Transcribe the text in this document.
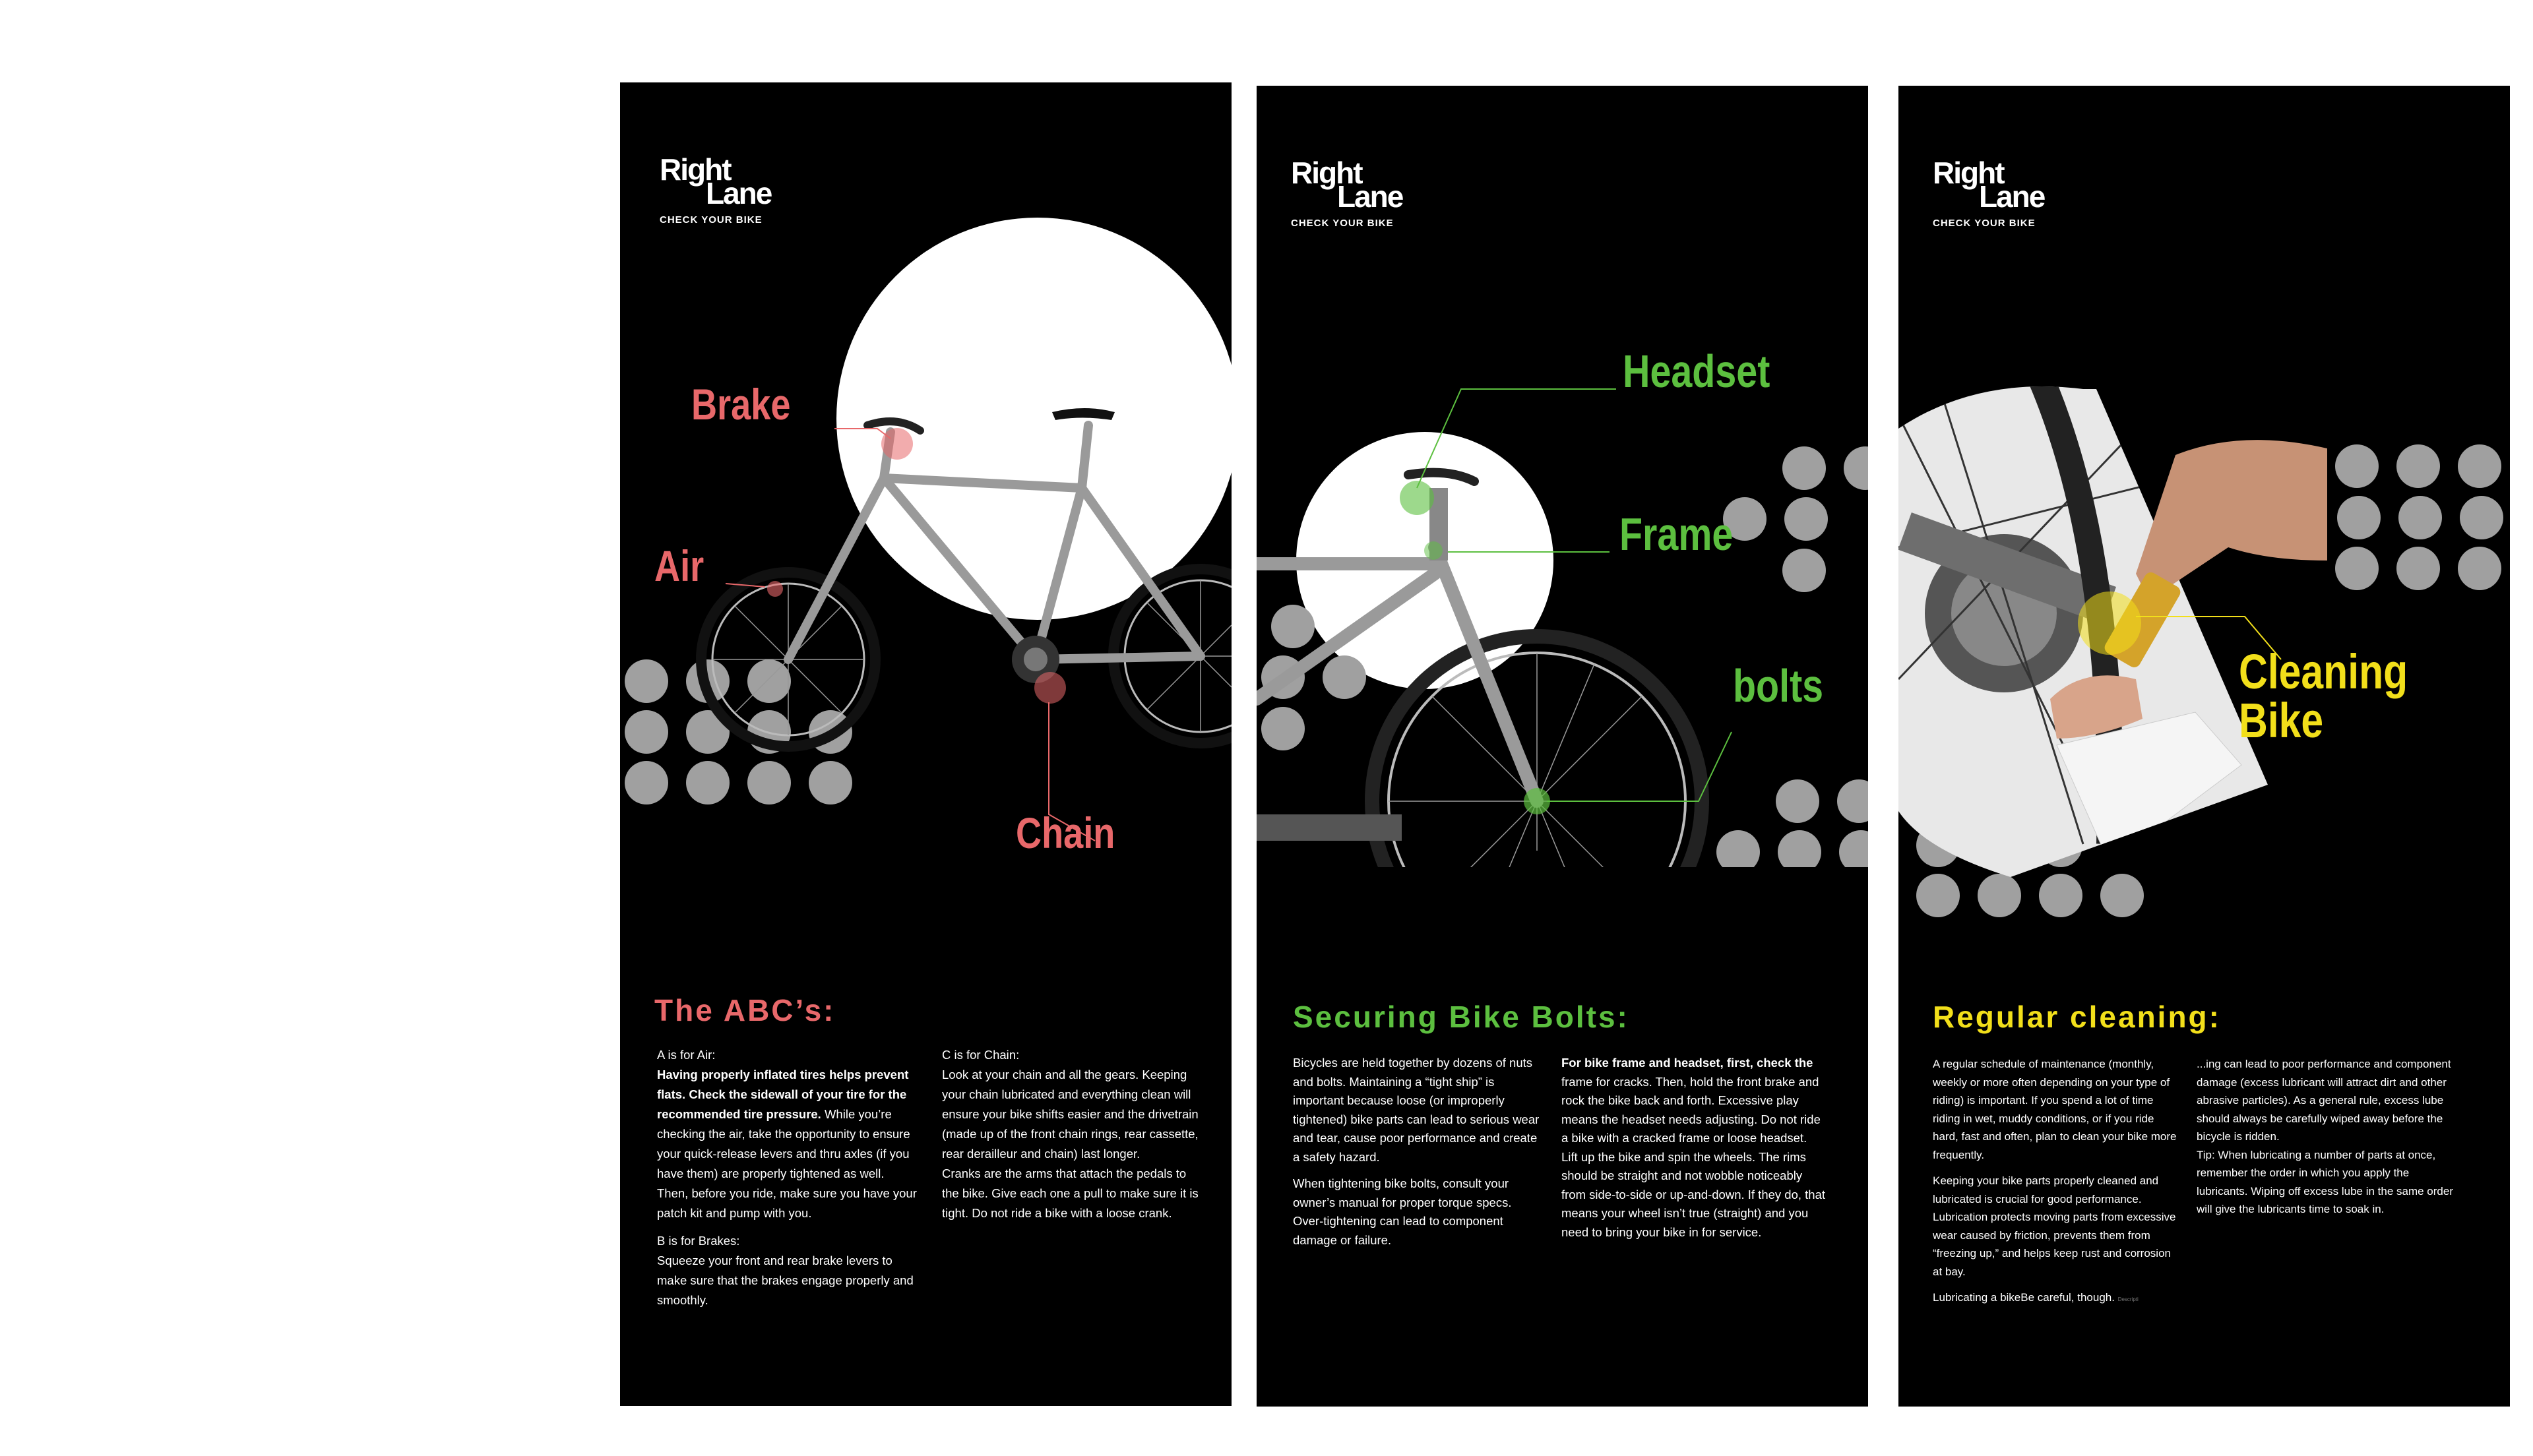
Right
Lane
CHECK YOUR BIKE
Brake
Air
Chain
The ABC’s:

A is for Air:

Having properly inflated tires helps prevent flats. Check the sidewall of your tire for the recommended tire pressure. While you’re checking the air, take the opportunity to ensure your quick-release levers and thru axles (if you have them) are properly tightened as well. Then, before you ride, make sure you have your patch kit and pump with you.

B is for Brakes:

Squeeze your front and rear brake levers to make sure that the brakes engage properly and smoothly.

C is for Chain:

Look at your chain and all the gears. Keeping your chain lubricated and everything clean will ensure your bike shifts easier and the drivetrain (made up of the front chain rings, rear cassette, rear derailleur and chain) last longer.

Cranks are the arms that attach the pedals to the bike. Give each one a pull to make sure it is tight. Do not ride a bike with a loose crank.

Right
Lane
CHECK YOUR BIKE
Headset
Frame
bolts
Securing Bike Bolts:

Bicycles are held together by dozens of nuts and bolts. Maintaining a “tight ship” is important because loose (or improperly tightened) bike parts can lead to serious wear and tear, cause poor performance and create a safety hazard.

When tightening bike bolts, consult your owner’s manual for proper torque specs. Over-tightening can lead to component damage or failure.

For bike frame and headset, first, check the frame for cracks. Then, hold the front brake and rock the bike back and forth. Excessive play means the headset needs adjusting. Do not ride a bike with a cracked frame or loose headset.

Lift up the bike and spin the wheels. The rims should be straight and not wobble noticeably from side-to-side or up-and-down. If they do, that means your wheel isn’t true (straight) and you need to bring your bike in for service.

Right
Lane
CHECK YOUR BIKE
Cleaning
Bike
Regular cleaning:

A regular schedule of maintenance (monthly, weekly or more often depending on your type of riding) is important. If you spend a lot of time riding in wet, muddy conditions, or if you ride hard, fast and often, plan to clean your bike more frequently.

Keeping your bike parts properly cleaned and lubricated is crucial for good performance. Lubrication protects moving parts from excessive wear caused by friction, prevents them from “freezing up,” and helps keep rust and corrosion at bay.

Lubricating a bikeBe careful, though. Descripti

...ing can lead to poor performance and component damage (excess lubricant will attract dirt and other abrasive particles). As a general rule, excess lube should always be carefully wiped away before the bicycle is ridden.

Tip: When lubricating a number of parts at once, remember the order in which you apply the lubricants. Wiping off excess lube in the same order will give the lubricants time to soak in.
